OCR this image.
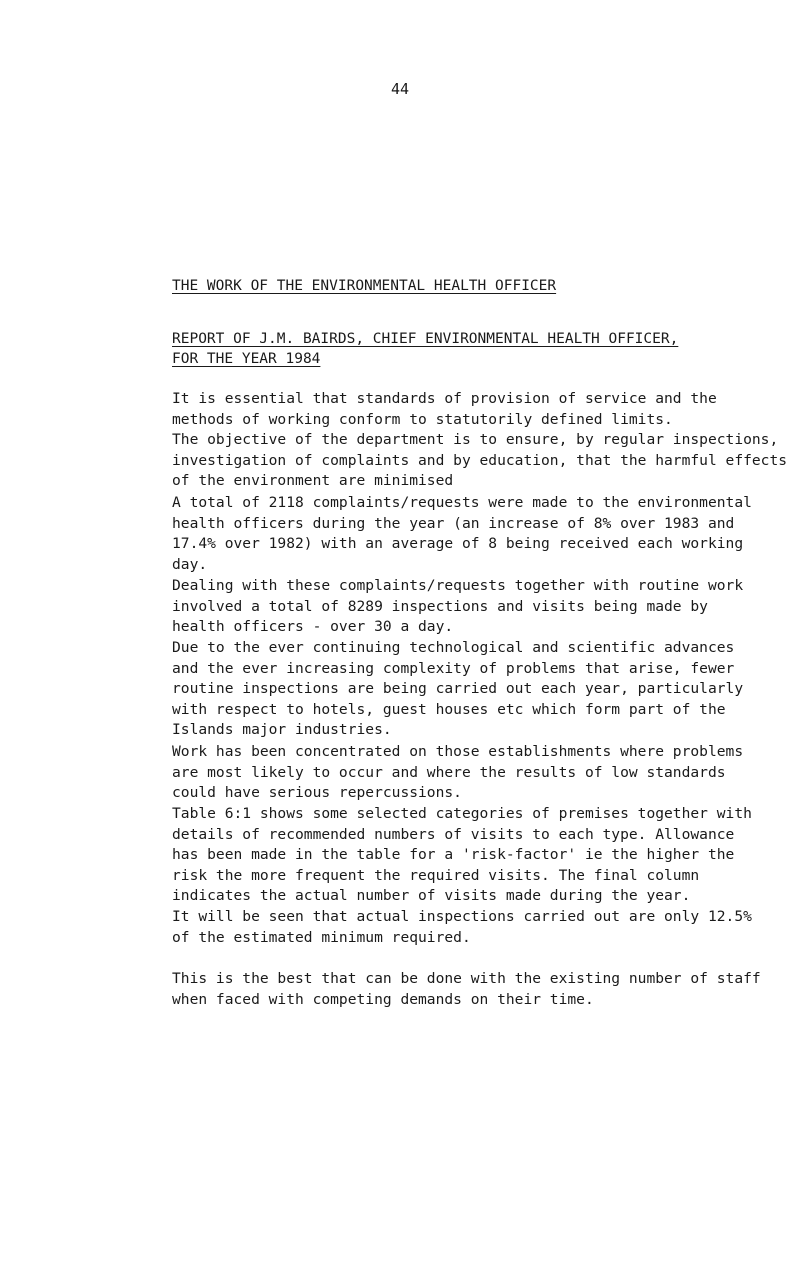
44
THE WORK OF THE ENVIRONMENTAL HEALTH OFFICER
REPORT OF J.M. BAIRDS, CHIEF ENVIRONMENTAL HEALTH OFFICER,
FOR THE YEAR 1984

It is essential that standards of provision of service and the
methods of working conform to statutorily defined limits.
The objective of the department is to ensure, by regular inspections,
investigation of complaints and by education, that the harmful effects
of the environment are minimised

A total of 2118 complaints/requests were made to the environmental
health officers during the year (an increase of 8% over 1983 and
17.4% over 1982) with an average of 8 being received each working
day.

Dealing with these complaints/requests together with routine work
involved a total of 8289 inspections and visits being made by
health officers - over 30 a day.

Due to the ever continuing technological and scientific advances
and the ever increasing complexity of problems that arise, fewer
routine inspections are being carried out each year, particularly
with respect to hotels, guest houses etc which form part of the
Islands major industries.

Work has been concentrated on those establishments where problems
are most likely to occur and where the results of low standards
could have serious repercussions.

Table 6:1 shows some selected categories of premises together with
details of recommended numbers of visits to each type. Allowance
has been made in the table for a 'risk-factor' ie the higher the
risk the more frequent the required visits. The final column
indicates the actual number of visits made during the year.

It will be seen that actual inspections carried out are only 12.5%
of the estimated minimum required.

This is the best that can be done with the existing number of staff
when faced with competing demands on their time.
